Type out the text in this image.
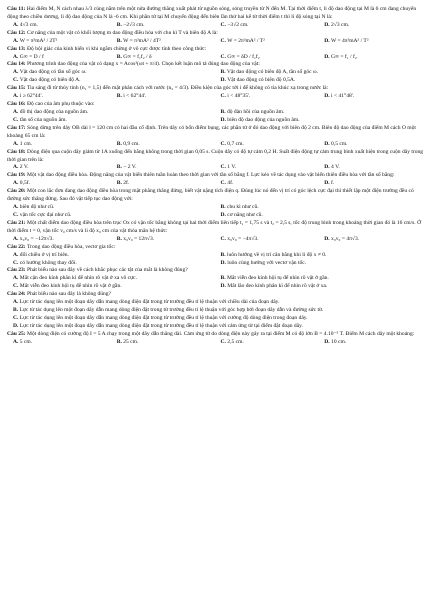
Câu 11: Hai điểm M, N cách nhau λ/3 cùng nằm trên một nửa đường thẳng xuất phát từ nguồn sóng, sóng truyền từ N đến M. Tại thời điểm t, li độ dao động tại M là 6 cm đang chuyển động theo chiều dương, li độ dao động của N là -6 cm. Khi phần tử tại M chuyển động đến biên lần thứ hai kể từ thời điểm t thì li độ sóng tại N là:
A. 4√3 cm.	B. −2√3 cm.	C. −3√2 cm.	D. 2√3 cm.
Câu 12: Cơ năng của một vật có khối lượng m dao động điều hòa với chu kì T và biên độ A là:
A. W = π²mA² / 2T²	B. W = π²mA² / 4T²	C. W = 2π²mA² / T²	D. W = 4π²mA² / T²
Câu 13: Độ bội giác của kính hiển vi khi ngắm chừng ở vô cực được tính theo công thức:
A. G∞ = D / f	B. G∞ = f₁f₂ / δ	C. G∞ = δD / f₁f₂	D. G∞ = f₁ / f₂
Câu 14: Phương trình dao động của vật có dạng x = Acos²(ωt + π/4). Chọn kết luận mô tả đúng dao động của vật:
A. Vật dao động có tần số góc ω.	B. Vật dao động có biên độ A, tần số góc ω.
C. Vật dao động có biên độ A.	D. Vật dao động có biên độ 0,5A.
Câu 15: Tia sáng đi từ thủy tinh (n₁ = 1,5) đến mặt phân cách với nước (n₂ = 4/3). Điều kiện của góc tới i để không có tia khúc xạ trong nước là:
A. i ≥ 62°44'.	B. i < 62°44'.	C. i < 48°35'.	D. i < 41°48'.
Câu 16: Độ cao của âm phụ thuộc vào:
A. đồ thị dao động của nguồn âm.	B. độ đàn hồi của nguồn âm.
C. tần số của nguồn âm.	D. biên độ dao động của nguồn âm.
Câu 17: Sóng dừng trên dây OB dài l = 120 cm có hai đầu cố định. Trên dây có bốn điểm bụng, các phần tử ở đó dao động với biên độ 2 cm. Biên độ dao động của điểm M cách O một khoảng 65 cm là:
A. 1 cm.	B. 0,9 cm.	C. 0,7 cm.	D. 0,5 cm.
Câu 18: Dòng điện qua cuộn dây giảm từ 1A xuống đến bằng không trong thời gian 0,05 s. Cuộn dây có độ tự cảm 0,2 H. Suất điện động tự cảm trung bình xuất hiện trong cuộn dây trong thời gian trên là:
A. 2 V.	B. − 2 V.	C. 1 V.	D. 4 V.
Câu 19: Một vật dao động điều hòa. Động năng của vật biến thiên tuần hoàn theo thời gian với tần số bằng f. Lực kéo về tác dụng vào vật biến thiên điều hòa với tần số bằng:
A. 0,5f.	B. 2f.	C. 4f.	D. f.
Câu 20: Một con lắc đơn đang dao động điều hòa trong mặt phẳng thẳng đứng, biết vật nặng tích điện q. Đúng lúc nó đến vị trí có góc lệch cực đại thì thiết lập một điện trường đều có đường sức thẳng đứng. Sau đó vật tiếp tục dao động với:
A. biên độ như cũ.	B. chu kì như cũ.
C. vận tốc cực đại như cũ.	D. cơ năng như cũ.
Câu 21: Một chất điểm dao động điều hòa trên trục Ox có vận tốc bằng không tại hai thời điểm liên tiếp t₁ = 1,75 s và t₂ = 2,5 s, tốc độ trung bình trong khoảng thời gian đó là 16 cm/s. Ở thời điểm t = 0, vận tốc v₀ cm/s và li độ x₀ cm của vật thỏa mãn hệ thức:
A. x₀v₀ = −12π√3.	B. x₀v₀ = 12π√3.	C. x₀v₀ = −4π√3.	D. x₀v₀ = 4π√3.
Câu 22: Trong dao động điều hòa, vectơ gia tốc:
A. đổi chiều ở vị trí biên.	B. luôn hướng về vị trí cân bằng khi li độ x ≠ 0.
C. có hướng không thay đổi.	D. luôn cùng hướng với vectơ vận tốc.
Câu 23: Phát biểu nào sau đây về cách khắc phục các tật của mắt là không đúng?
A. Mắt cận đeo kính phân kì để nhìn rõ vật ở xa vô cực.	B. Mắt viễn đeo kính hội tụ để nhìn rõ vật ở gần.
C. Mắt viễn đeo kính hội tụ để nhìn rõ vật ở gần.	D. Mắt lão đeo kính phân kì để nhìn rõ vật ở xa.
Câu 24: Phát biểu nào sau đây là không đúng?
A. Lực từ tác dụng lên một đoạn dây dẫn mang dòng điện đặt trong từ trường đều tỉ lệ thuận với chiều dài của đoạn dây.
B. Lực từ tác dụng lên một đoạn dây dẫn mang dòng điện đặt trong từ trường đều tỉ lệ thuận với góc hợp bởi đoạn dây dẫn và đường sức từ.
C. Lực từ tác dụng lên một đoạn dây dẫn mang dòng điện đặt trong từ trường đều tỉ lệ thuận với cường độ dòng điện trong đoạn dây.
D. Lực từ tác dụng lên một đoạn dây dẫn mang dòng điện đặt trong từ trường đều tỉ lệ thuận với cảm ứng từ tại điểm đặt đoạn dây.
Câu 25: Một dòng điện có cường độ I = 5 A chạy trong một dây dẫn thẳng dài. Cảm ứng từ do dòng điện này gây ra tại điểm M có độ lớn B = 4.10⁻⁵ T. Điểm M cách dây một khoảng:
A. 5 cm.	B. 25 cm.	C. 2,5 cm.	D. 10 cm.
